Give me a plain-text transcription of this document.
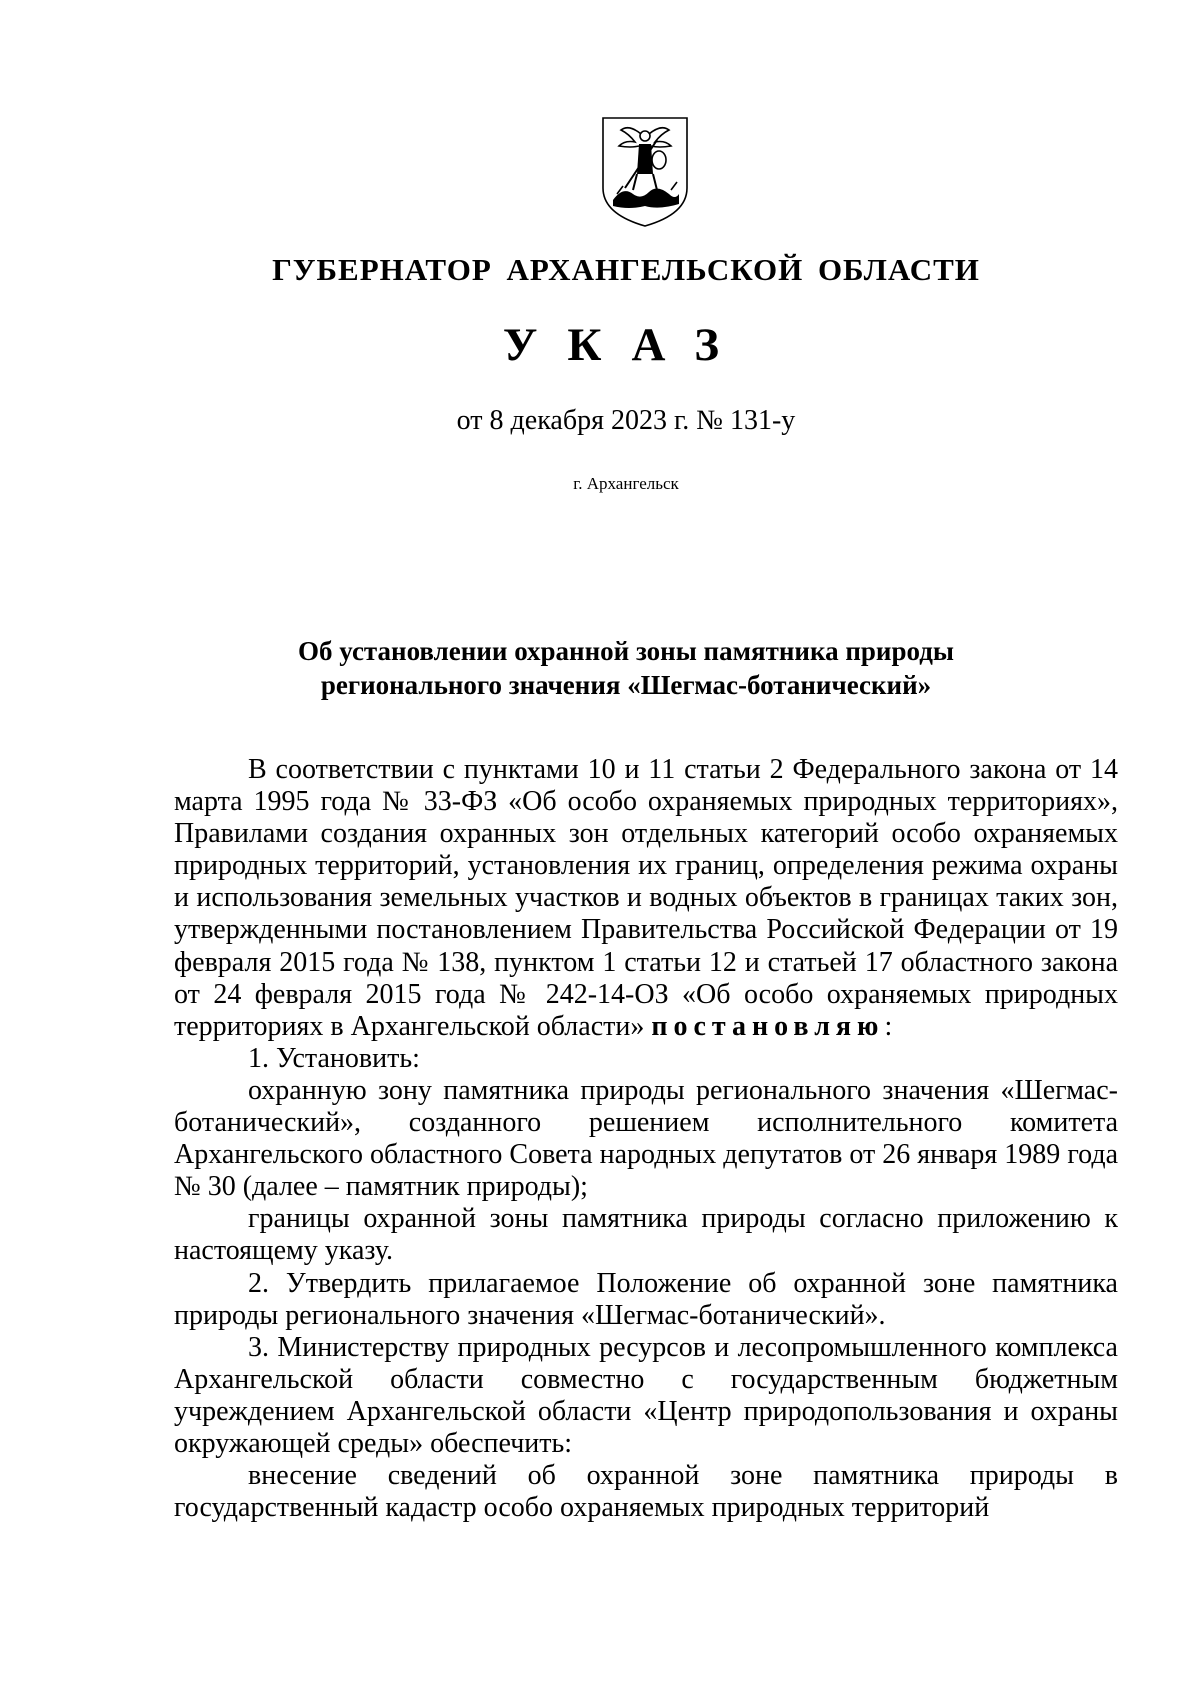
ГУБЕРНАТОР АРХАНГЕЛЬСКОЙ ОБЛАСТИ
УКАЗ
от 8 декабря 2023 г. № 131-у
г. Архангельск
Об установлении охранной зоны памятника природы
регионального значения «Шегмас-ботанический»

В соответствии с пунктами 10 и 11 статьи 2 Федерального закона от 14 марта 1995 года № 33-ФЗ «Об особо охраняемых природных территориях», Правилами создания охранных зон отдельных категорий особо охраняемых природных территорий, установления их границ, определения режима охраны и использования земельных участков и водных объектов в границах таких зон, утвержденными постановлением Правительства Российской Федерации от 19 февраля 2015 года № 138, пунктом 1 статьи 12 и статьей 17 областного закона от 24 февраля 2015 года № 242-14-ОЗ «Об особо охраняемых природных территориях в Архангельской области» постановляю:

1. Установить:

охранную зону памятника природы регионального значения «Шегмас-ботанический», созданного решением исполнительного комитета Архангельского областного Совета народных депутатов от 26 января 1989 года № 30 (далее – памятник природы);

границы охранной зоны памятника природы согласно приложению к настоящему указу.

2. Утвердить прилагаемое Положение об охранной зоне памятника природы регионального значения «Шегмас-ботанический».

3. Министерству природных ресурсов и лесопромышленного комплекса Архангельской области совместно с государственным бюджетным учреждением Архангельской области «Центр природопользования и охраны окружающей среды» обеспечить:

внесение сведений об охранной зоне памятника природы в государственный кадастр особо охраняемых природных территорий
